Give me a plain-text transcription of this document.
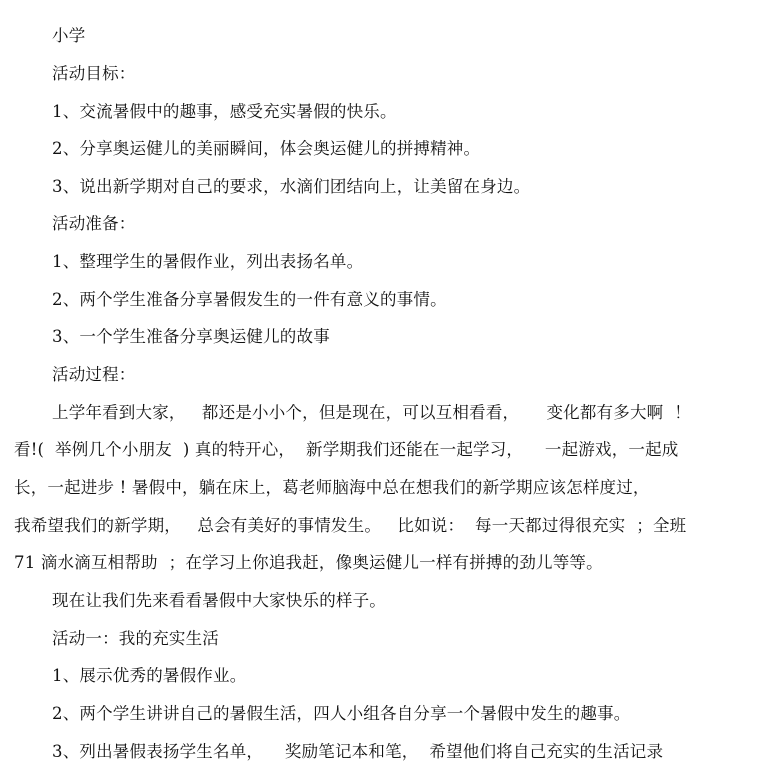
小学
活动目标：
1、交流暑假中的趣事，感受充实暑假的快乐。
2、分享奥运健儿的美丽瞬间，体会奥运健儿的拼搏精神。
3、说出新学期对自己的要求，水滴们团结向上，让美留在身边。
活动准备：
1、整理学生的暑假作业，列出表扬名单。
2、两个学生准备分享暑假发生的一件有意义的事情。
3、一个学生准备分享奥运健儿的故事
活动过程：
上学年看到大家，   都还是小小个，但是现在，可以互相看看，     变化都有多大啊  ！
看!(  举例几个小朋友  ) 真的特开心，  新学期我们还能在一起学习，    一起游戏，一起成
长，一起进步 ! 暑假中，躺在床上，葛老师脑海中总在想我们的新学期应该怎样度过，
我希望我们的新学期，   总会有美好的事情发生。   比如说：  每一天都过得很充实  ；全班
71 滴水滴互相帮助  ；在学习上你追我赶，像奥运健儿一样有拼搏的劲儿等等。
现在让我们先来看看暑假中大家快乐的样子。
活动一：我的充实生活
1、展示优秀的暑假作业。
2、两个学生讲讲自己的暑假生活，四人小组各自分享一个暑假中发生的趣事。
3、列出暑假表扬学生名单，    奖励笔记本和笔，  希望他们将自己充实的生活记录
